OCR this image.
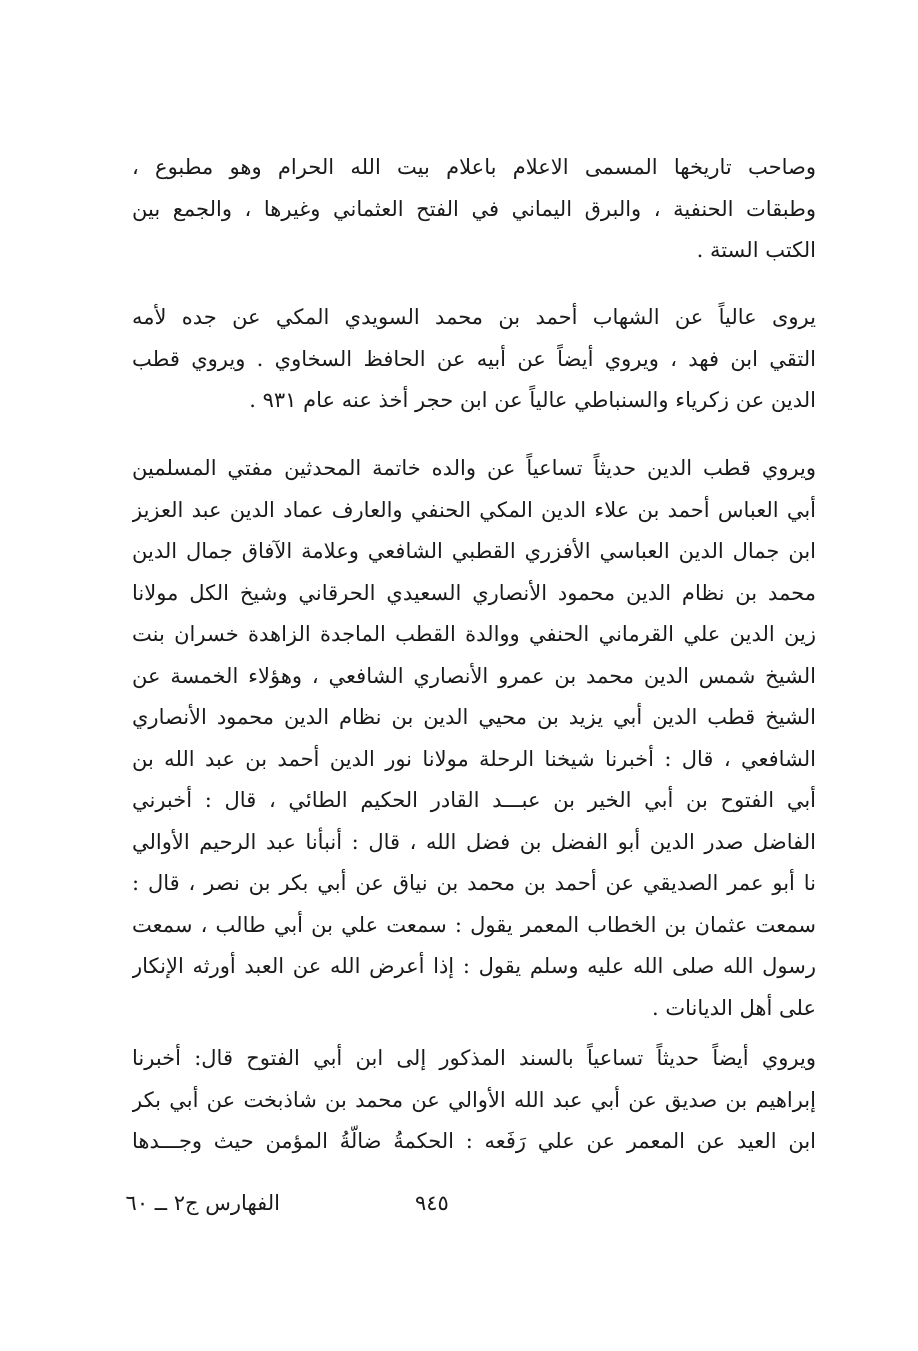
وصاحب تاريخها المسمى الاعلام باعلام بيت الله الحرام وهو مطبوع ،
وطبقات الحنفية ، والبرق اليماني في الفتح العثماني وغيرها ، والجمع بين
الكتب الستة .
يروى عالياً عن الشهاب أحمد بن محمد السويدي المكي عن جده لأمه
التقي ابن فهد ، ويروي أيضاً عن أبيه عن الحافظ السخاوي . ويروي قطب
الدين عن زكرياء والسنباطي عالياً عن ابن حجر أخذ عنه عام ٩٣١ .
ويروي قطب الدين حديثاً تساعياً عن والده خاتمة المحدثين مفتي المسلمين
أبي العباس أحمد بن علاء الدين المكي الحنفي والعارف عماد الدين عبد العزيز
ابن جمال الدين العباسي الأفزري القطبي الشافعي وعلامة الآفاق جمال الدين
محمد بن نظام الدين محمود الأنصاري السعيدي الحرقاني وشيخ الكل مولانا
زين الدين علي القرماني الحنفي ووالدة القطب الماجدة الزاهدة خسران بنت
الشيخ شمس الدين محمد بن عمرو الأنصاري الشافعي ، وهؤلاء الخمسة عن
الشيخ قطب الدين أبي يزيد بن محيي الدين بن نظام الدين محمود الأنصاري
الشافعي ، قال : أخبرنا شيخنا الرحلة مولانا نور الدين أحمد بن عبد الله بن
أبي الفتوح بن أبي الخير بن عبـــد القادر الحكيم الطائي ، قال : أخبرني
الفاضل صدر الدين أبو الفضل بن فضل الله ، قال : أنبأنا عبد الرحيم الأوالي
نا أبو عمر الصديقي عن أحمد بن محمد بن نياق عن أبي بكر بن نصر ، قال :
سمعت عثمان بن الخطاب المعمر يقول : سمعت علي بن أبي طالب ، سمعت
رسول الله صلى الله عليه وسلم يقول : إذا أعرض الله عن العبد أورثه الإنكار
على أهل الديانات .
ويروي أيضاً حديثاً تساعياً بالسند المذكور إلى ابن أبي الفتوح قال: أخبرنا
إبراهيم بن صديق عن أبي عبد الله الأوالي عن محمد بن شاذبخت عن أبي بكر
ابن العيد عن المعمر عن علي رَفَعه : الحكمةُ ضالّةُ المؤمن حيث وجـــدها
٩٤٥
الفهارس ج٢ ــ ٦٠
